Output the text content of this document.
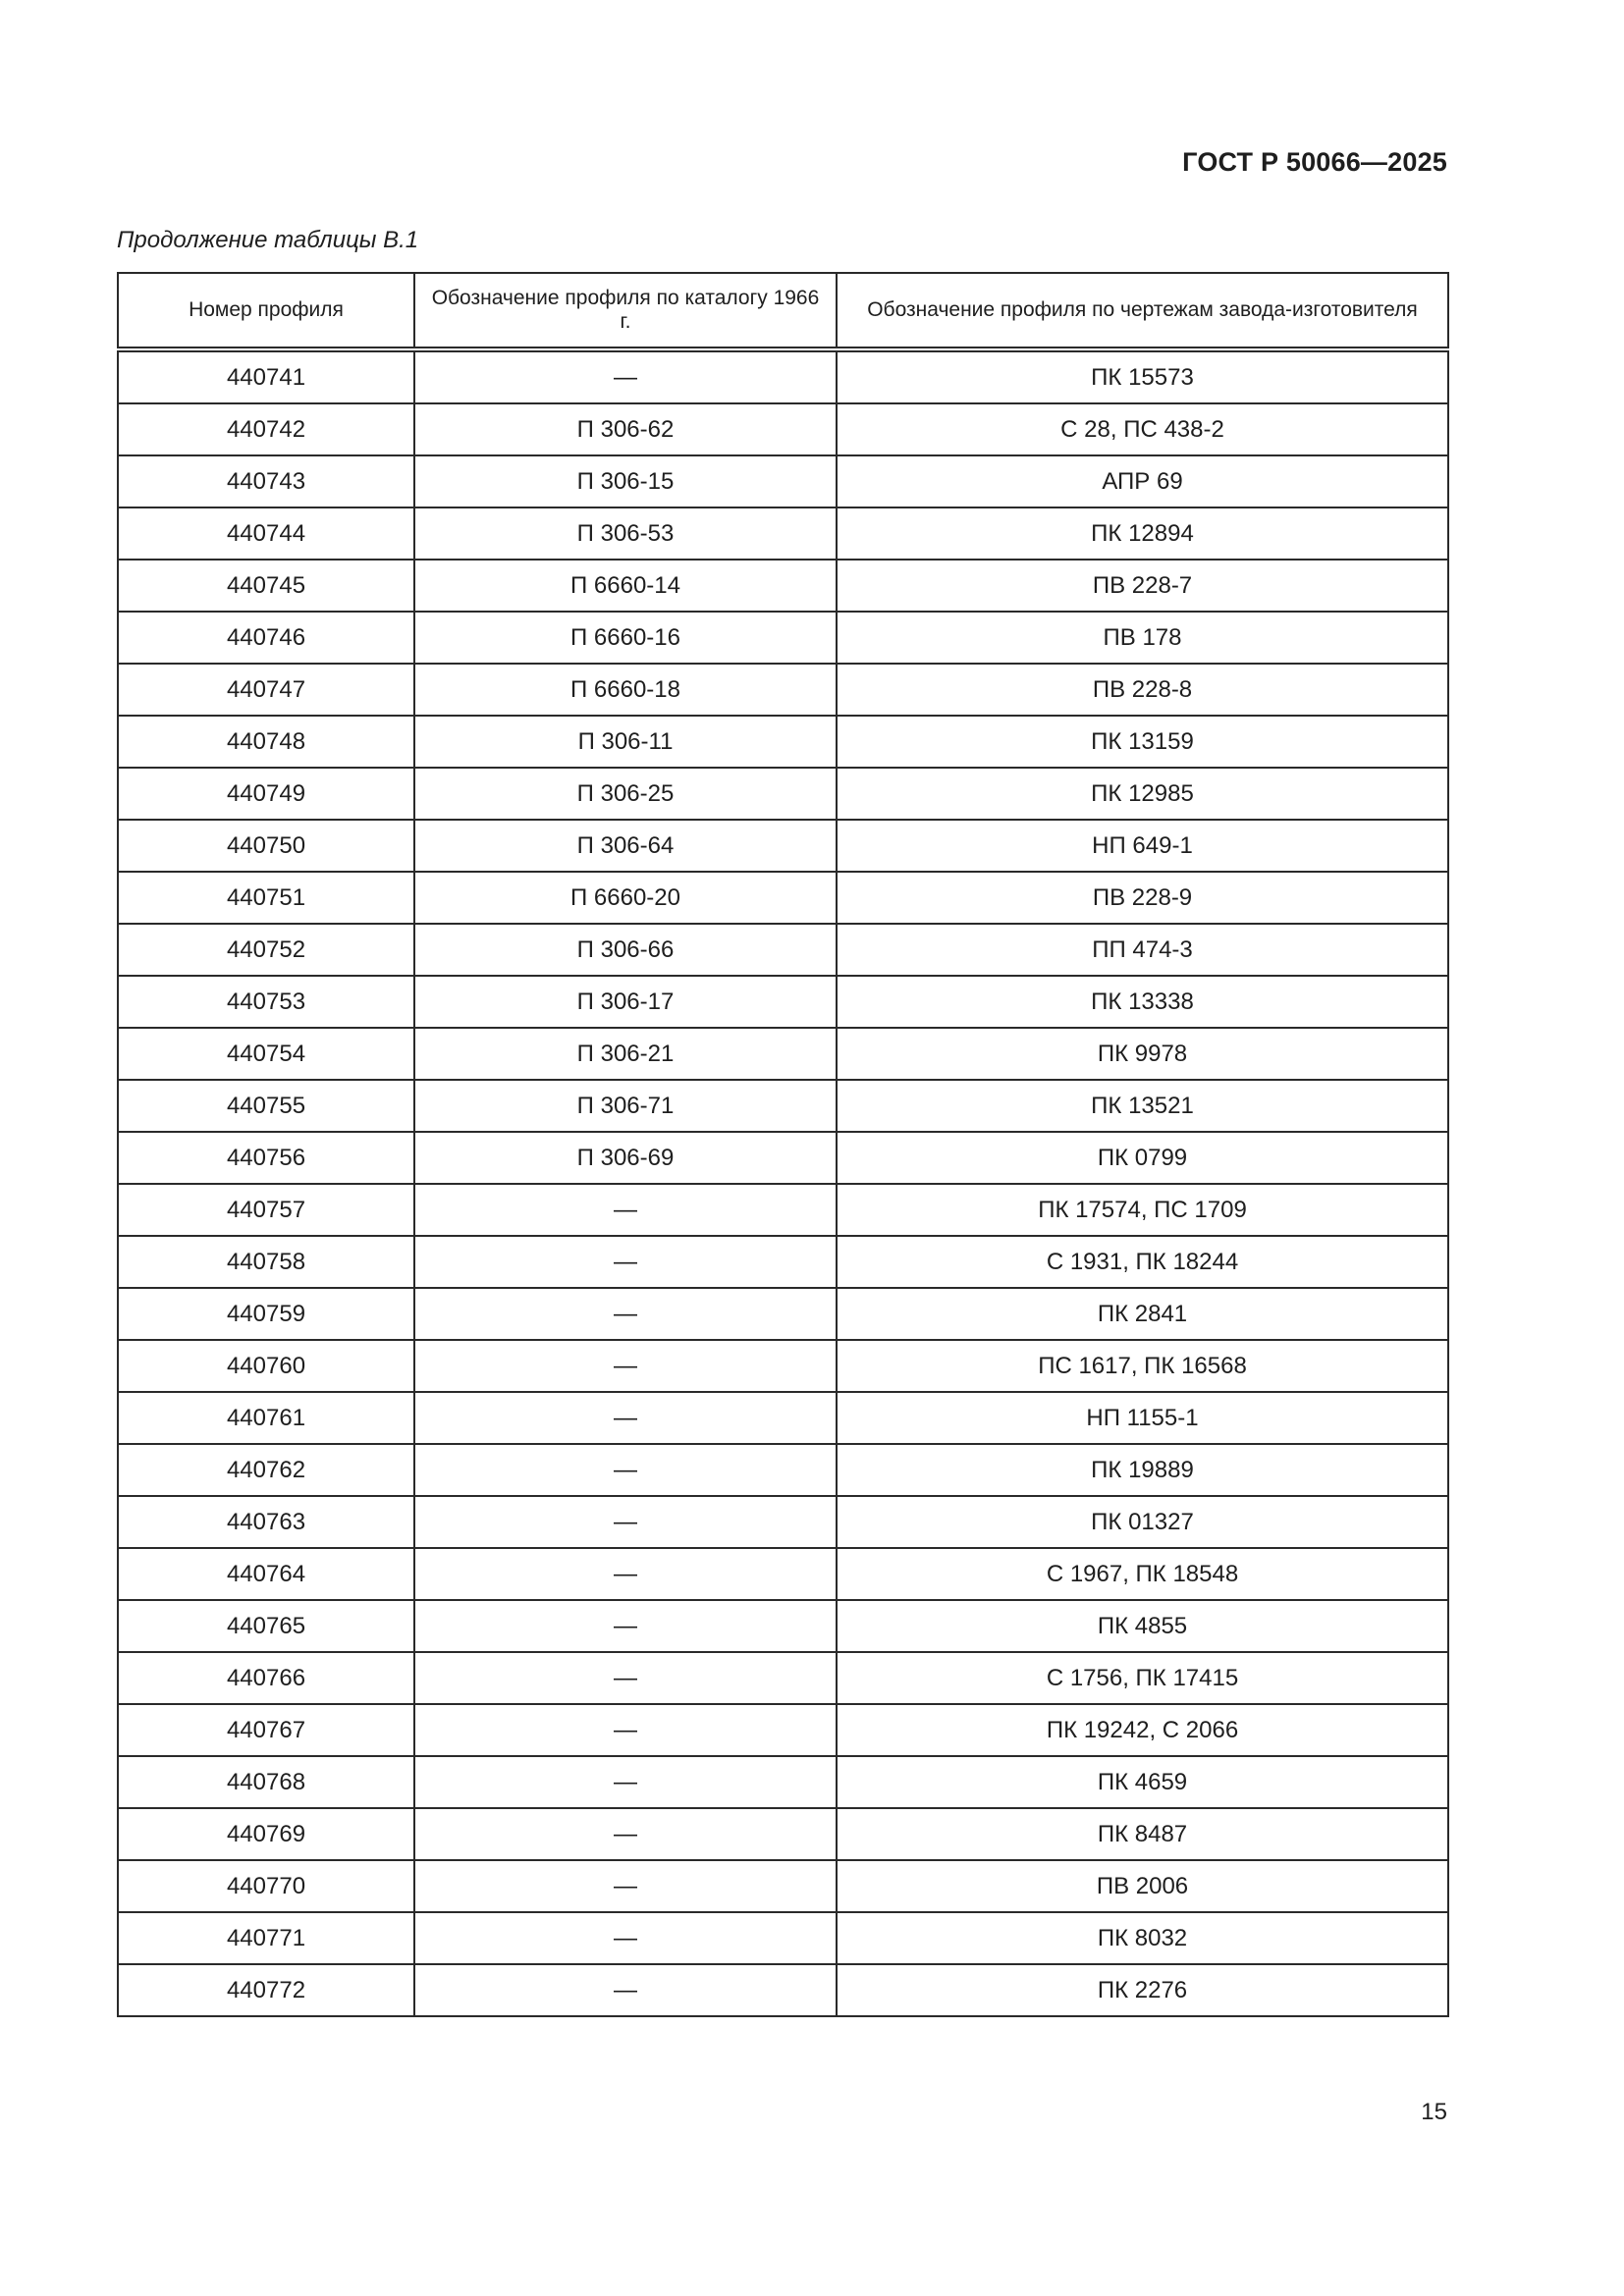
ГОСТ Р 50066—2025
Продолжение таблицы В.1
Номер профиля	Обозначение профиля по каталогу 1966 г.	Обозначение профиля по чертежам завода-изготовителя
440741	—	ПК 15573
440742	П 306-62	С 28, ПС 438-2
440743	П 306-15	АПР 69
440744	П 306-53	ПК 12894
440745	П 6660-14	ПВ 228-7
440746	П 6660-16	ПВ 178
440747	П 6660-18	ПВ 228-8
440748	П 306-11	ПК 13159
440749	П 306-25	ПК 12985
440750	П 306-64	НП 649-1
440751	П 6660-20	ПВ 228-9
440752	П 306-66	ПП 474-3
440753	П 306-17	ПК 13338
440754	П 306-21	ПК 9978
440755	П 306-71	ПК 13521
440756	П 306-69	ПК 0799
440757	—	ПК 17574, ПС 1709
440758	—	С 1931, ПК 18244
440759	—	ПК 2841
440760	—	ПС 1617, ПК 16568
440761	—	НП 1155-1
440762	—	ПК 19889
440763	—	ПК 01327
440764	—	С 1967, ПК 18548
440765	—	ПК 4855
440766	—	С 1756, ПК 17415
440767	—	ПК 19242, С 2066
440768	—	ПК 4659
440769	—	ПК 8487
440770	—	ПВ 2006
440771	—	ПК 8032
440772	—	ПК 2276
15
